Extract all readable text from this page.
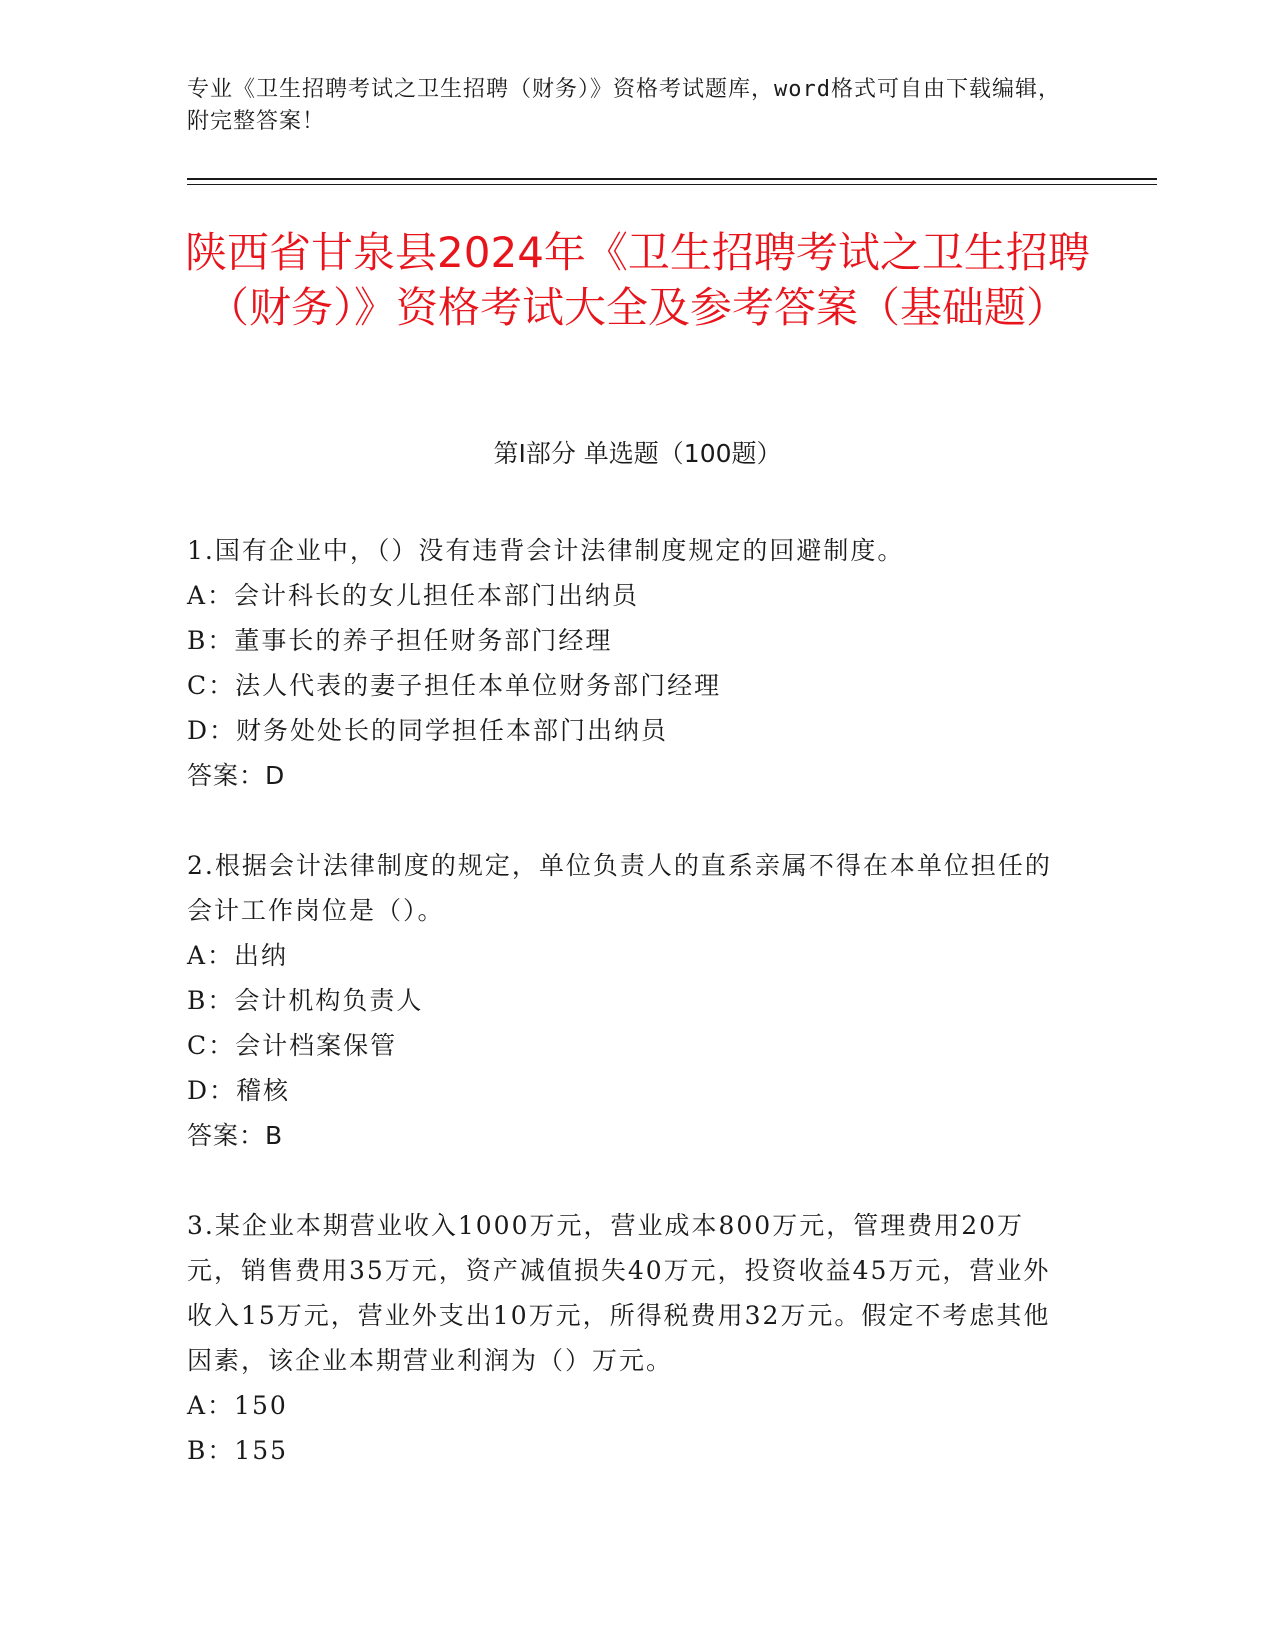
专业《卫生招聘考试之卫生招聘（财务）》资格考试题库，word格式可自由下载编辑，附完整答案！
陕西省甘泉县2024年《卫生招聘考试之卫生招聘（财务）》资格考试大全及参考答案（基础题）
第I部分 单选题（100题）
1.国有企业中，（）没有违背会计法律制度规定的回避制度。
A：会计科长的女儿担任本部门出纳员
B：董事长的养子担任财务部门经理
C：法人代表的妻子担任本单位财务部门经理
D：财务处处长的同学担任本部门出纳员
答案：D
2.根据会计法律制度的规定，单位负责人的直系亲属不得在本单位担任的会计工作岗位是（）。
A：出纳
B：会计机构负责人
C：会计档案保管
D：稽核
答案：B
3.某企业本期营业收入1000万元，营业成本800万元，管理费用20万元，销售费用35万元，资产减值损失40万元，投资收益45万元，营业外收入15万元，营业外支出10万元，所得税费用32万元。假定不考虑其他因素，该企业本期营业利润为（）万元。
A：150
B：155
